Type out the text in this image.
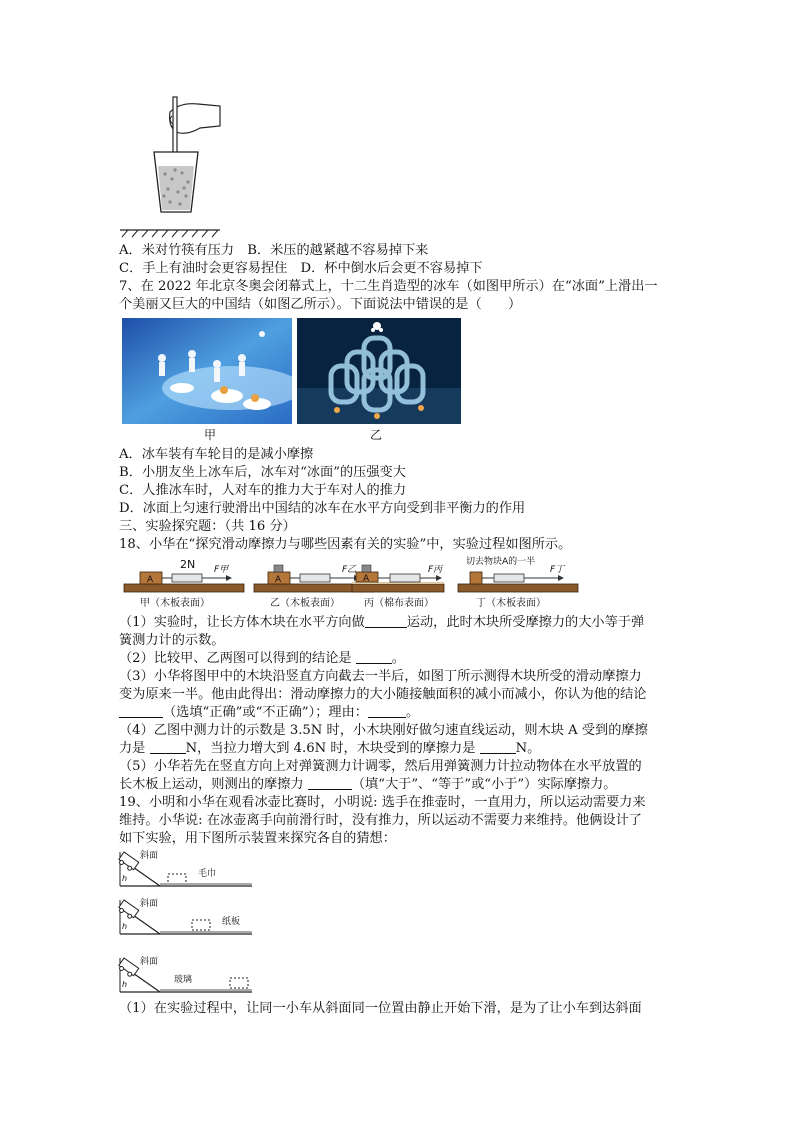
A．米对竹筷有压力　B．米压的越紧越不容易掉下来
C．手上有油时会更容易捏住　D．杯中倒水后会更不容易掉下
7、在 2022 年北京冬奥会闭幕式上，十二生肖造型的冰车（如图甲所示）在“冰面”上滑出一
个美丽又巨大的中国结（如图乙所示）。下面说法中错误的是（　　）
甲	乙
A．冰车装有车轮目的是减小摩擦
B．小朋友坐上冰车后，冰车对“冰面”的压强变大
C．人推冰车时，人对车的推力大于车对人的推力
D．冰面上匀速行驶滑出中国结的冰车在水平方向受到非平衡力的作用
三、实验探究题：（共 16 分）
18、小华在“探究滑动摩擦力与哪些因素有关的实验”中，实验过程如图所示。
A
2N F甲
A
F乙
A
F丙
切去物块A的一半
F丁
甲（木板表面）	乙（木板表面） 丙（棉布表面）	丁（木板表面）
（1）实验时，让长方体木块在水平方向做	运动，此时木块所受摩擦力的大小等于弹
簧测力计的示数。
（2）比较甲、乙两图可以得到的结论是	。
（3）小华将图甲中的木块沿竖直方向截去一半后，如图丁所示测得木块所受的滑动摩擦力
变为原来一半。他由此得出：滑动摩擦力的大小随接触面积的减小而减小，你认为他的结论
（选填“正确”或“不正确”）；理由：	。
（4）乙图中测力计的示数是 3.5N 时，小木块刚好做匀速直线运动，则木块 A 受到的摩擦
力是	N，当拉力增大到 4.6N 时，木块受到的摩擦力是	N。
（5）小华若先在竖直方向上对弹簧测力计调零，然后用弹簧测力计拉动物体在水平放置的
长木板上运动，则测出的摩擦力	（填“大于”、“等于”或“小于”）实际摩擦力。
19、小明和小华在观看冰壶比赛时，小明说: 选手在推壶时，一直用力，所以运动需要力来
维持。小华说: 在冰壶离手向前滑行时，没有推力，所以运动不需要力来维持。他俩设计了
如下实验，用下图所示装置来探究各自的猜想：
h
斜面
毛巾
h
斜面
纸板
h
斜面
玻璃
（1）在实验过程中，让同一小车从斜面同一位置由静止开始下滑，是为了让小车到达斜面
